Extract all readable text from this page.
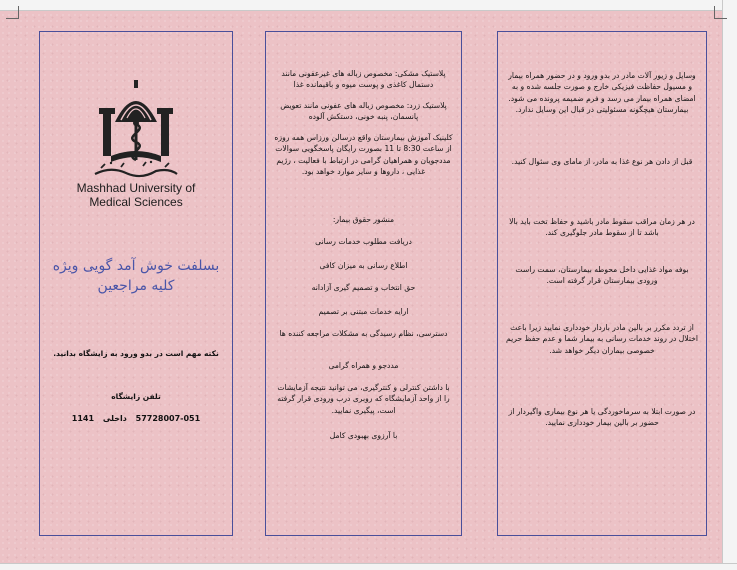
Mashhad University of
Medical Sciences
بسلفت خوش آمد گویی ویژه
کلیه مراجعین
نکته مهم است در بدو ورود به زایشگاه بدانید.
تلفن زایشگاه
57728007-051 داخلی 1141
پلاستیک مشکی: مخصوص زباله های غیرعفونی مانند دستمال کاغذی و پوست میوه و باقیمانده غذا
پلاستیک زرد: مخصوص زباله های عفونی مانند تعویض پانسمان، پنبه خونی، دستکش آلوده
کلینیک آموزش بیمارستان واقع درسالن ورزاس همه روزه از ساعت 8:30 تا 11 بصورت رایگان پاسخگویی سوالات مددجویان و همراهیان گرامی در ارتباط با فعالیت ، رژیم غذایی ، داروها و سایر موارد خواهد بود.
منشور حقوق بیمار:
دریافت مطلوب خدمات رسانی
اطلاع رسانی به میزان کافی
حق انتخاب و تصمیم گیری آزادانه
ارایه خدمات مبتنی بر تصمیم
دسترسی، نظام رسیدگی به مشکلات مراجعه کننده ها
مددجو و همراه گرامی
با داشتن کنترلی و کنترگیری، می توانید نتیجه آزمایشات را از واحد آزمایشگاه که روبری درب ورودی قرار گرفته است، پیگیری نمایید.
با آرزوی بهبودی کامل
وسایل و زیور آلات مادر در بدو ورود و در حضور همراه بیمار و مسیول حفاظت فیزیکی خارج و صورت جلسه شده و به امضای همراه بیمار می رسد و فرم ضمیمه پرونده می شود. بیمارستان هیچگونه مسئولیتی در قبال این وسایل ندارد.
قبل از دادن هر نوع غذا به مادر، از مامای وی سئوال کنید.
در هر زمان مراقب سقوط مادر باشید و حفاظ تخت باید بالا باشد تا از سقوط مادر جلوگیری کند.
بوفه مواد غذایی داخل محوطه بیمارستان، سمت راست ورودی بیمارستان قرار گرفته است.
از تردد مکرر بر بالین مادر باردار خودداری نمایید زیرا باعث اختلال در روند خدمات رسانی به بیمار شما و عدم حفظ حریم خصوصی بیماران دیگر خواهد شد.
در صورت ابتلا به سرماخوردگی یا هر نوع بیماری واگیردار از حضور بر بالین بیمار خودداری نمایید.
